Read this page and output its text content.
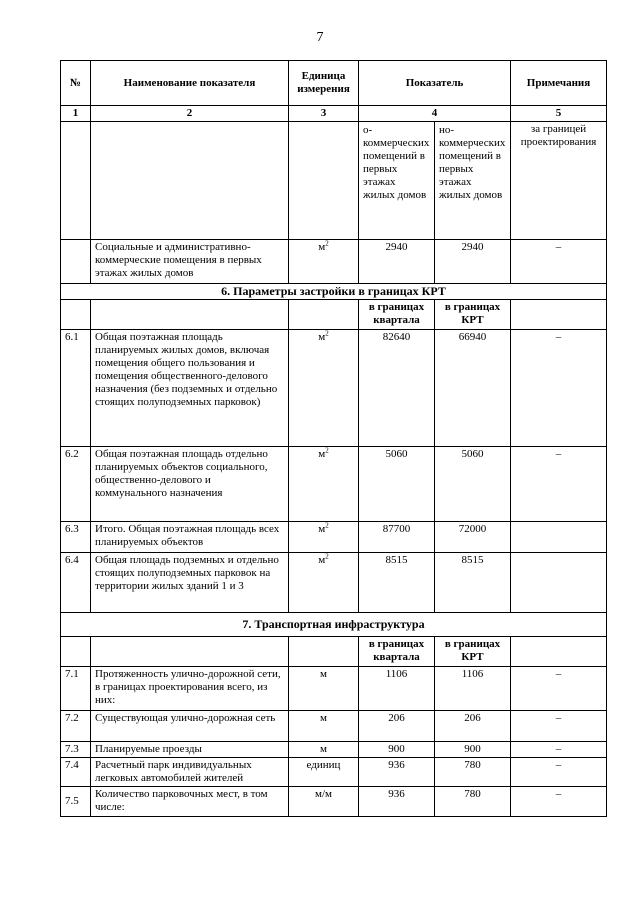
7
№	Наименование показателя	Единица измерения	Показатель		Примечания
1	2	3	4		5
			о-коммерческих помещений в первых этажах жилых домов	но-коммерческих помещений в первых этажах жилых домов	за границей проектирования
	Социальные и административно-коммерческие помещения в первых этажах жилых домов	$м^2$	2940	2940	–
6. Параметры застройки в границах КРТ					
			в границах квартала	в границах КРТ	
6.1	Общая поэтажная площадь планируемых жилых домов, включая помещения общего пользования и помещения общественного-делового назначения (без подземных и отдельно стоящих полуподземных парковок)	$м^2$	82640	66940	–
6.2	Общая поэтажная площадь отдельно планируемых объектов социального, общественно-делового и коммунального назначения	$м^2$	5060	5060	–
6.3	Итого. Общая поэтажная площадь всех планируемых объектов	$м^2$	87700	72000	
6.4	Общая площадь подземных и отдельно стоящих полуподземных парковок на территории жилых зданий 1 и 3	$м^2$	8515	8515	
7. Транспортная инфраструктура					
			в границах квартала	в границах КРТ	
7.1	Протяженность улично-дорожной сети, в границах проектирования всего, из них:	м	1106	1106	–
7.2	Существующая улично-дорожная сеть	м	206	206	–
7.3	Планируемые проезды	м	900	900	–
7.4	Расчетный парк индивидуальных легковых автомобилей жителей	единиц	936	780	–
7.5	Количество парковочных мест, в том числе:	м/м	936	780	–
